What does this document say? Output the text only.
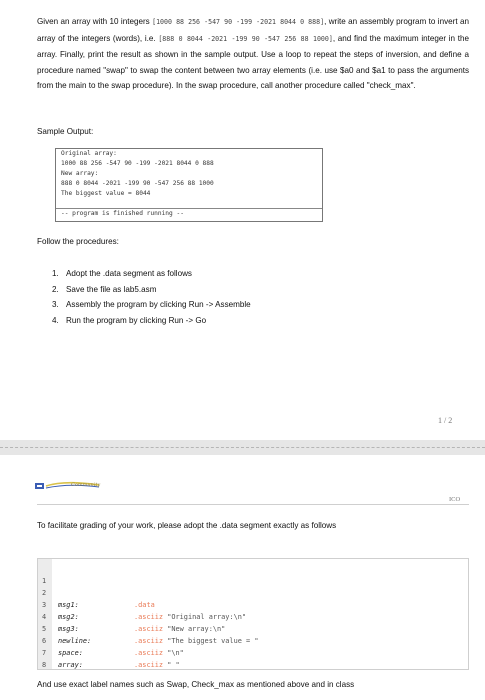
Given an array with 10 integers [1000 88 256 -547 90 -199 -2021 8044 0 888], write an assembly program to invert an array of the integers (words), i.e. [888 0 8044 -2021 -199 90 -547 256 88 1000], and find the maximum integer in the array. Finally, print the result as shown in the sample output. Use a loop to repeat the steps of inversion, and define a procedure named "swap" to swap the content between two array elements (i.e. use $a0 and $a1 to pass the arguments from the main to the swap procedure). In the swap procedure, call another procedure called "check_max".
Sample Output:
Original array:
1000 88 256 -547 90 -199 -2021 8044 0 888
New array:
888 0 8044 -2021 -199 90 -547 256 88 1000
The biggest value = 8044
-- program is finished running --
Follow the procedures:
1. Adopt the .data segment as follows
2. Save the file as lab5.asm
3. Assembly the program by clicking Run -> Assemble
4. Run the program by clicking Run -> Go
1 / 2
Community
ICO
To facilitate grading of your work, please adopt the .data segment exactly as follows

1

.data

2

msg1:

.asciiz "Original array:\n"

3

msg2:

.asciiz "New array:\n"

4

msg3:

.asciiz "The biggest value = "

5

newline:

.asciiz "\n"

6

space:

.asciiz " "

7

array:

8

And use exact label names such as Swap, Check_max as mentioned above and in class
